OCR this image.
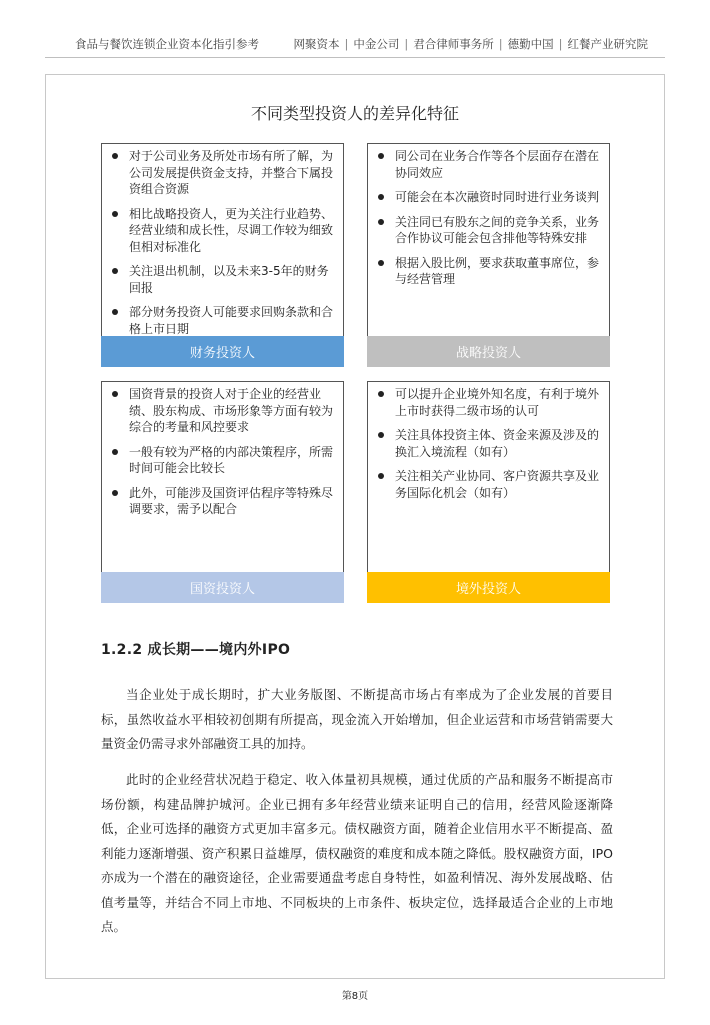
食品与餐饮连锁企业资本化指引参考	网聚资本 | 中金公司 | 君合律师事务所 | 德勤中国 | 红餐产业研究院
不同类型投资人的差异化特征
对于公司业务及所处市场有所了解，为公司发展提供资金支持，并整合下属投资组合资源
相比战略投资人，更为关注行业趋势、经营业绩和成长性，尽调工作较为细致但相对标准化
关注退出机制，以及未来3-5年的财务回报
部分财务投资人可能要求回购条款和合格上市日期
财务投资人
同公司在业务合作等各个层面存在潜在协同效应
可能会在本次融资时同时进行业务谈判
关注同已有股东之间的竞争关系，业务合作协议可能会包含排他等特殊安排
根据入股比例，要求获取董事席位，参与经营管理
战略投资人
国资背景的投资人对于企业的经营业绩、股东构成、市场形象等方面有较为综合的考量和风控要求
一般有较为严格的内部决策程序，所需时间可能会比较长
此外，可能涉及国资评估程序等特殊尽调要求，需予以配合
国资投资人
可以提升企业境外知名度，有利于境外上市时获得二级市场的认可
关注具体投资主体、资金来源及涉及的换汇入境流程（如有）
关注相关产业协同、客户资源共享及业务国际化机会（如有）
境外投资人
1.2.2 成长期——境内外IPO

当企业处于成长期时，扩大业务版图、不断提高市场占有率成为了企业发展的首要目标，虽然收益水平相较初创期有所提高，现金流入开始增加，但企业运营和市场营销需要大量资金仍需寻求外部融资工具的加持。

此时的企业经营状况趋于稳定、收入体量初具规模，通过优质的产品和服务不断提高市场份额，构建品牌护城河。企业已拥有多年经营业绩来证明自己的信用，经营风险逐渐降低，企业可选择的融资方式更加丰富多元。债权融资方面，随着企业信用水平不断提高、盈利能力逐渐增强、资产积累日益雄厚，债权融资的难度和成本随之降低。股权融资方面，IPO亦成为一个潜在的融资途径，企业需要通盘考虑自身特性，如盈利情况、海外发展战略、估值考量等，并结合不同上市地、不同板块的上市条件、板块定位，选择最适合企业的上市地点。

第8页
